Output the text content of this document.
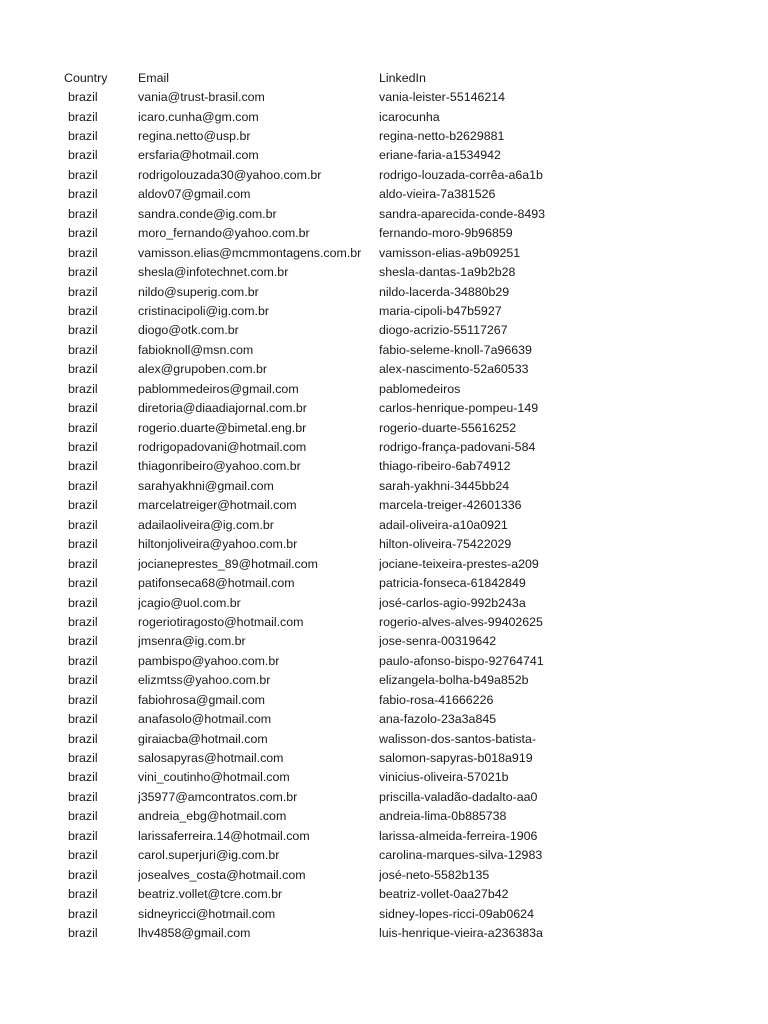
Country	Email	LinkedIn
brazil	vania@trust-brasil.com	vania-leister-55146214
brazil	icaro.cunha@gm.com	icarocunha
brazil	regina.netto@usp.br	regina-netto-b2629881
brazil	ersfaria@hotmail.com	eriane-faria-a1534942
brazil	rodrigolouzada30@yahoo.com.br	rodrigo-louzada-corrêa-a6a1b
brazil	aldov07@gmail.com	aldo-vieira-7a381526
brazil	sandra.conde@ig.com.br	sandra-aparecida-conde-8493
brazil	moro_fernando@yahoo.com.br	fernando-moro-9b96859
brazil	vamisson.elias@mcmmontagens.com.br	vamisson-elias-a9b09251
brazil	shesla@infotechnet.com.br	shesla-dantas-1a9b2b28
brazil	nildo@superig.com.br	nildo-lacerda-34880b29
brazil	cristinacipoli@ig.com.br	maria-cipoli-b47b5927
brazil	diogo@otk.com.br	diogo-acrizio-55117267
brazil	fabioknoll@msn.com	fabio-seleme-knoll-7a96639
brazil	alex@grupoben.com.br	alex-nascimento-52a60533
brazil	pablommedeiros@gmail.com	pablomedeiros
brazil	diretoria@diaadiajornal.com.br	carlos-henrique-pompeu-149
brazil	rogerio.duarte@bimetal.eng.br	rogerio-duarte-55616252
brazil	rodrigopadovani@hotmail.com	rodrigo-frança-padovani-584
brazil	thiagonribeiro@yahoo.com.br	thiago-ribeiro-6ab74912
brazil	sarahyakhni@gmail.com	sarah-yakhni-3445bb24
brazil	marcelatreiger@hotmail.com	marcela-treiger-42601336
brazil	adailaoliveira@ig.com.br	adail-oliveira-a10a0921
brazil	hiltonjoliveira@yahoo.com.br	hilton-oliveira-75422029
brazil	jocianeprestes_89@hotmail.com	jociane-teixeira-prestes-a209
brazil	patifonseca68@hotmail.com	patricia-fonseca-61842849
brazil	jcagio@uol.com.br	josé-carlos-agio-992b243a
brazil	rogeriotiragosto@hotmail.com	rogerio-alves-alves-99402625
brazil	jmsenra@ig.com.br	jose-senra-00319642
brazil	pambispo@yahoo.com.br	paulo-afonso-bispo-92764741
brazil	elizmtss@yahoo.com.br	elizangela-bolha-b49a852b
brazil	fabiohrosa@gmail.com	fabio-rosa-41666226
brazil	anafasolo@hotmail.com	ana-fazolo-23a3a845
brazil	giraiacba@hotmail.com	walisson-dos-santos-batista-
brazil	salosapyras@hotmail.com	salomon-sapyras-b018a919
brazil	vini_coutinho@hotmail.com	vinicius-oliveira-57021b
brazil	j35977@amcontratos.com.br	priscilla-valadão-dadalto-aa0
brazil	andreia_ebg@hotmail.com	andreia-lima-0b885738
brazil	larissaferreira.14@hotmail.com	larissa-almeida-ferreira-1906
brazil	carol.superjuri@ig.com.br	carolina-marques-silva-12983
brazil	josealves_costa@hotmail.com	josé-neto-5582b135
brazil	beatriz.vollet@tcre.com.br	beatriz-vollet-0aa27b42
brazil	sidneyricci@hotmail.com	sidney-lopes-ricci-09ab0624
brazil	lhv4858@gmail.com	luis-henrique-vieira-a236383a
